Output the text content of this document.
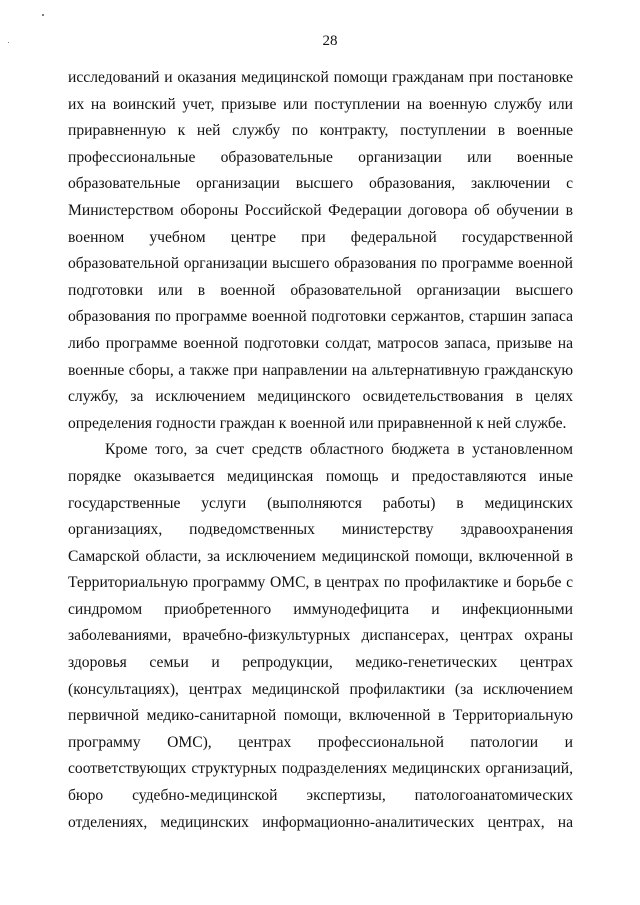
28
исследований и оказания медицинской помощи гражданам при постановке
их на воинский учет, призыве или поступлении на военную службу или
приравненную к ней службу по контракту, поступлении в военные
профессиональные образовательные организации или военные
образовательные организации высшего образования, заключении с
Министерством обороны Российской Федерации договора об обучении в
военном учебном центре при федеральной государственной
образовательной организации высшего образования по программе военной
подготовки или в военной образовательной организации высшего
образования по программе военной подготовки сержантов, старшин запаса
либо программе военной подготовки солдат, матросов запаса, призыве на
военные сборы, а также при направлении на альтернативную гражданскую
службу, за исключением медицинского освидетельствования в целях
определения годности граждан к военной или приравненной к ней службе.
Кроме того, за счет средств областного бюджета в установленном
порядке оказывается медицинская помощь и предоставляются иные
государственные услуги (выполняются работы) в медицинских
организациях, подведомственных министерству здравоохранения
Самарской области, за исключением медицинской помощи, включенной в
Территориальную программу ОМС, в центрах по профилактике и борьбе с
синдромом приобретенного иммунодефицита и инфекционными
заболеваниями, врачебно-физкультурных диспансерах, центрах охраны
здоровья семьи и репродукции, медико-генетических центрах
(консультациях), центрах медицинской профилактики (за исключением
первичной медико-санитарной помощи, включенной в Территориальную
программу ОМС), центрах профессиональной патологии и
соответствующих структурных подразделениях медицинских организаций,
бюро судебно-медицинской экспертизы, патологоанатомических
отделениях, медицинских информационно-аналитических центрах, на
